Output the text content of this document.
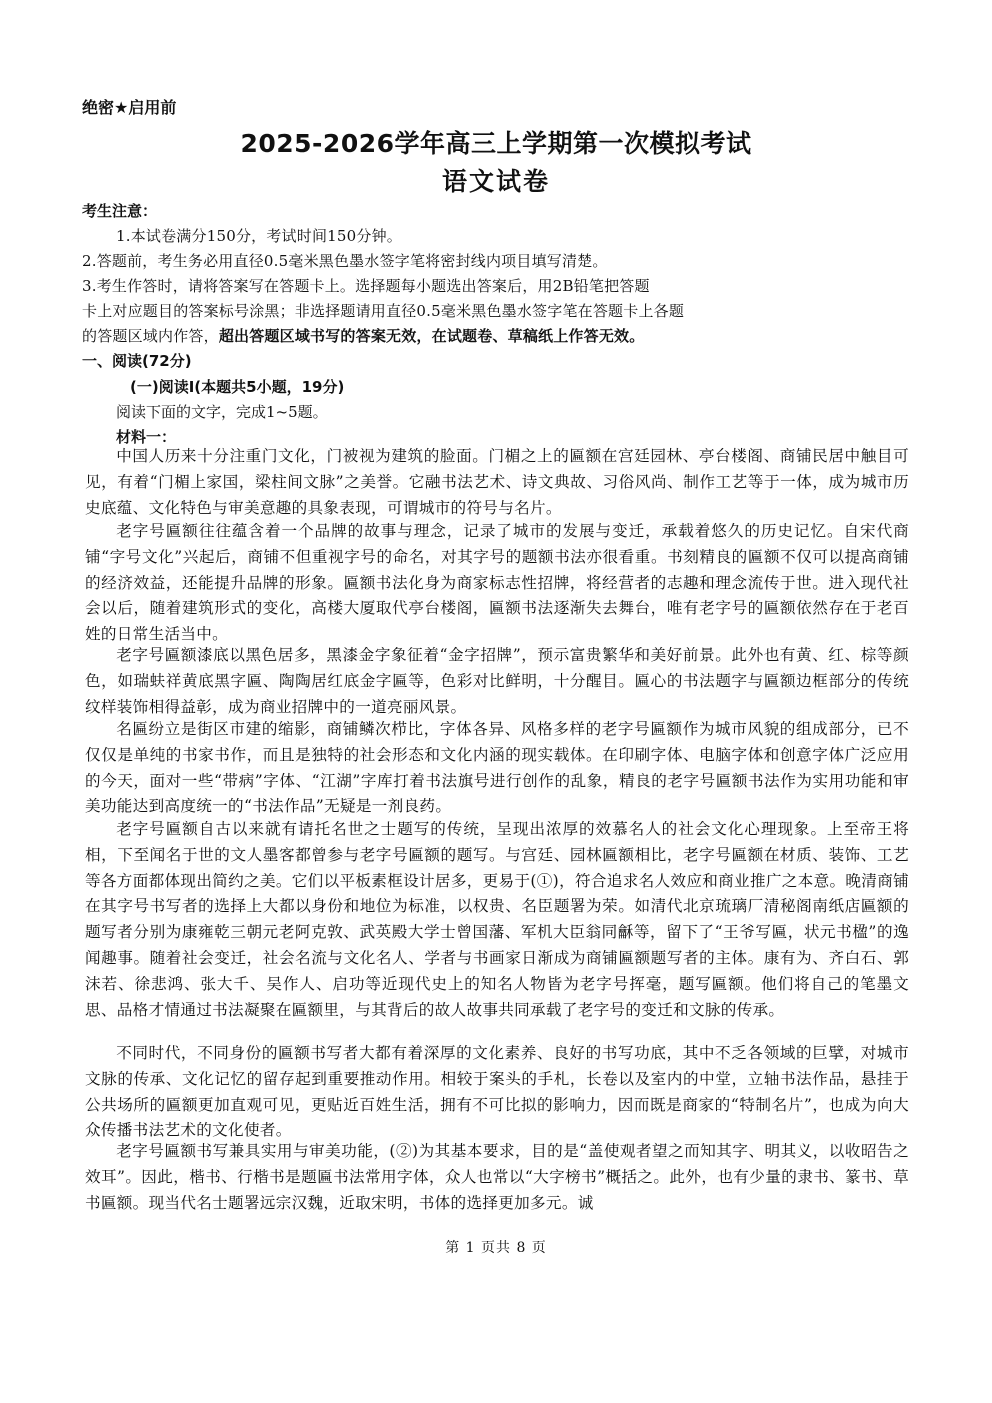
绝密★启用前
2025-2026学年高三上学期第一次模拟考试
语文试卷
考生注意：
1.本试卷满分150分，考试时间150分钟。
2.答题前，考生务必用直径0.5毫米黑色墨水签字笔将密封线内项目填写清楚。
3.考生作答时，请将答案写在答题卡上。选择题每小题选出答案后，用2B铅笔把答题
卡上对应题目的答案标号涂黑；非选择题请用直径0.5毫米黑色墨水签字笔在答题卡上各题
的答题区域内作答，超出答题区域书写的答案无效，在试题卷、草稿纸上作答无效。
一、阅读(72分)
(一)阅读Ⅰ(本题共5小题，19分)
阅读下面的文字，完成1~5题。
材料一：
中国人历来十分注重门文化，门被视为建筑的脸面。门楣之上的匾额在宫廷园林、亭台楼阁、商铺民居中触目可见，有着“门楣上家国，梁柱间文脉”之美誉。它融书法艺术、诗文典故、习俗风尚、制作工艺等于一体，成为城市历史底蕴、文化特色与审美意趣的具象表现，可谓城市的符号与名片。
老字号匾额往往蕴含着一个品牌的故事与理念，记录了城市的发展与变迁，承载着悠久的历史记忆。自宋代商铺“字号文化”兴起后，商铺不但重视字号的命名，对其字号的题额书法亦很看重。书刻精良的匾额不仅可以提高商铺的经济效益，还能提升品牌的形象。匾额书法化身为商家标志性招牌，将经营者的志趣和理念流传于世。进入现代社会以后，随着建筑形式的变化，高楼大厦取代亭台楼阁，匾额书法逐渐失去舞台，唯有老字号的匾额依然存在于老百姓的日常生活当中。
老字号匾额漆底以黑色居多，黑漆金字象征着“金字招牌”，预示富贵繁华和美好前景。此外也有黄、红、棕等颜色，如瑞蚨祥黄底黑字匾、陶陶居红底金字匾等，色彩对比鲜明，十分醒目。匾心的书法题字与匾额边框部分的传统纹样装饰相得益彰，成为商业招牌中的一道亮丽风景。
名匾纷立是街区市建的缩影，商铺鳞次栉比，字体各异、风格多样的老字号匾额作为城市风貌的组成部分，已不仅仅是单纯的书家书作，而且是独特的社会形态和文化内涵的现实载体。在印刷字体、电脑字体和创意字体广泛应用的今天，面对一些“带病”字体、“江湖”字库打着书法旗号进行创作的乱象，精良的老字号匾额书法作为实用功能和审美功能达到高度统一的“书法作品”无疑是一剂良药。
老字号匾额自古以来就有请托名世之士题写的传统，呈现出浓厚的效慕名人的社会文化心理现象。上至帝王将相，下至闻名于世的文人墨客都曾参与老字号匾额的题写。与宫廷、园林匾额相比，老字号匾额在材质、装饰、工艺等各方面都体现出简约之美。它们以平板素框设计居多，更易于(①)，符合追求名人效应和商业推广之本意。晚清商铺在其字号书写者的选择上大都以身份和地位为标准，以权贵、名臣题署为荣。如清代北京琉璃厂清秘阁南纸店匾额的题写者分别为康雍乾三朝元老阿克敦、武英殿大学士曾国藩、军机大臣翁同龢等，留下了“王爷写匾，状元书楹”的逸闻趣事。随着社会变迁，社会名流与文化名人、学者与书画家日渐成为商铺匾额题写者的主体。康有为、齐白石、郭沫若、徐悲鸿、张大千、吴作人、启功等近现代史上的知名人物皆为老字号挥毫，题写匾额。他们将自己的笔墨文思、品格才情通过书法凝聚在匾额里，与其背后的故人故事共同承载了老字号的变迁和文脉的传承。
不同时代，不同身份的匾额书写者大都有着深厚的文化素养、良好的书写功底，其中不乏各领域的巨擘，对城市文脉的传承、文化记忆的留存起到重要推动作用。相较于案头的手札，长卷以及室内的中堂，立轴书法作品，悬挂于公共场所的匾额更加直观可见，更贴近百姓生活，拥有不可比拟的影响力，因而既是商家的“特制名片”，也成为向大众传播书法艺术的文化使者。
老字号匾额书写兼具实用与审美功能，(②)为其基本要求，目的是“盖使观者望之而知其字、明其义，以收昭告之效耳”。因此，楷书、行楷书是题匾书法常用字体，众人也常以“大字榜书”概括之。此外，也有少量的隶书、篆书、草书匾额。现当代名士题署远宗汉魏，近取宋明，书体的选择更加多元。诚
第 1 页共 8 页
